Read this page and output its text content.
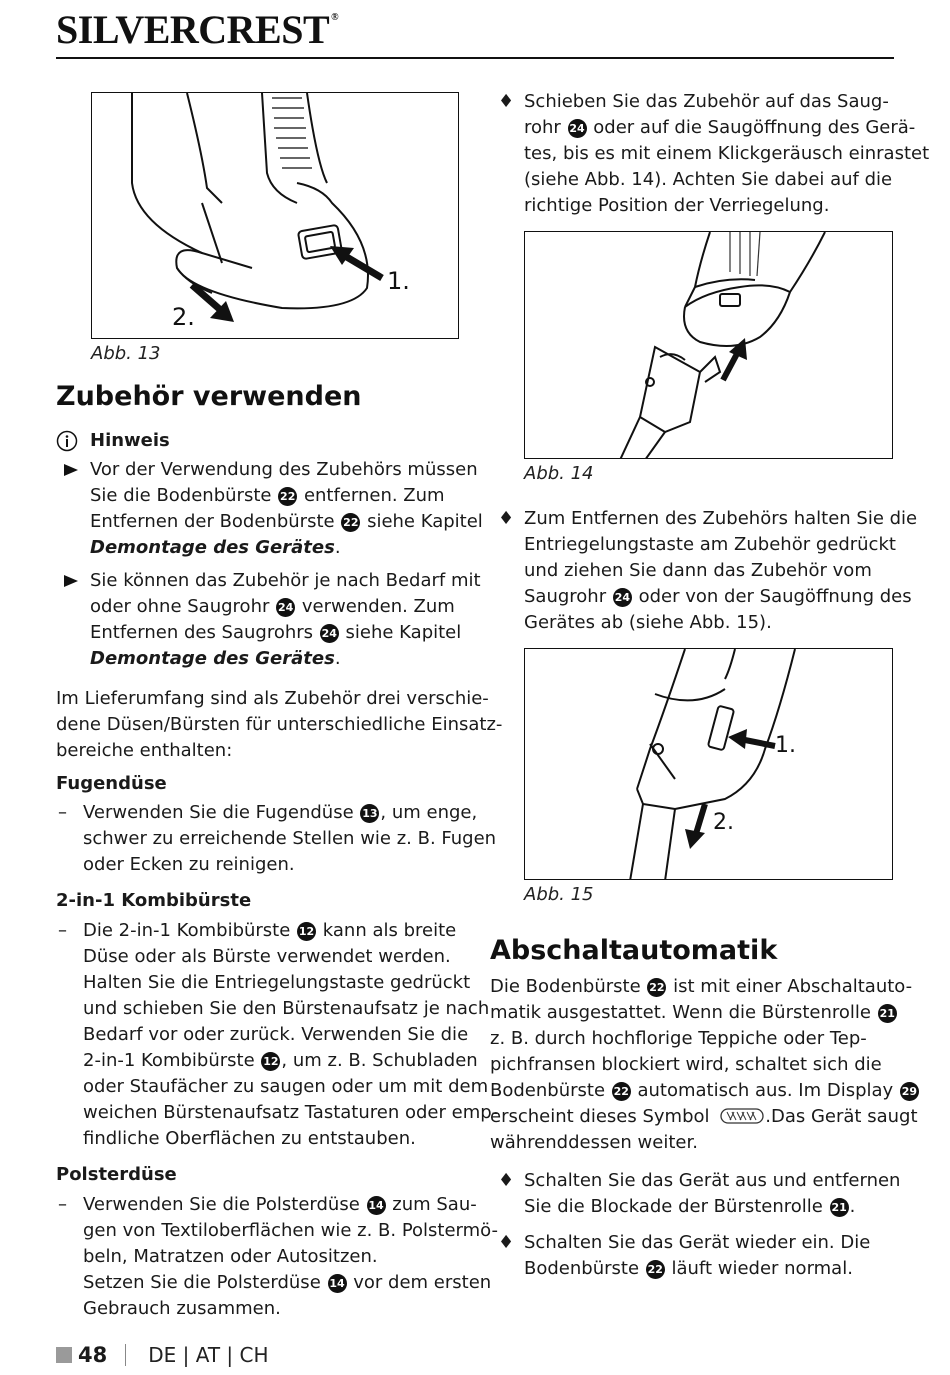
SILVERCREST ®
1.
2.
Abb. 13
Zubehör verwenden
Hinweis

Vor der Verwendung des Zubehörs müssen
Sie die Bodenbürste 22 entfernen. Zum
Entfernen der Bodenbürste 22 siehe Kapitel
Demontage des Gerätes.

Sie können das Zubehör je nach Bedarf mit
oder ohne Saugrohr 24 verwenden. Zum
Entfernen des Saugrohrs 24 siehe Kapitel
Demontage des Gerätes.

Im Lieferumfang sind als Zubehör drei verschie-
dene Düsen/Bürsten für unterschiedliche Einsatz-
bereiche enthalten:

Fugendüse

– Verwenden Sie die Fugendüse 13 , um enge,
schwer zu erreichende Stellen wie z. B. Fugen
oder Ecken zu reinigen.

2-in-1 Kombibürste

– Die 2-in-1 Kombibürste 12 kann als breite
Düse oder als Bürste verwendet werden.
Halten Sie die Entriegelungstaste gedrückt
und schieben Sie den Bürstenaufsatz je nach
Bedarf vor oder zurück. Verwenden Sie die
2-in-1 Kombibürste 12 , um z. B. Schubladen
oder Staufächer zu saugen oder um mit dem
weichen Bürstenaufsatz Tastaturen oder emp-
findliche Oberflächen zu entstauben.

Polsterdüse

– Verwenden Sie die Polsterdüse 14 zum Sau-
gen von Textiloberflächen wie z. B. Polstermö-
beln, Matratzen oder Autositzen.
Setzen Sie die Polsterdüse 14 vor dem ersten
Gebrauch zusammen.

♦ Schieben Sie das Zubehör auf das Saug-
rohr 24 oder auf die Saugöffnung des Gerä-
tes, bis es mit einem Klickgeräusch einrastet
(siehe Abb. 14). Achten Sie dabei auf die
richtige Position der Verriegelung.

Abb. 14

♦ Zum Entfernen des Zubehörs halten Sie die
Entriegelungstaste am Zubehör gedrückt
und ziehen Sie dann das Zubehör vom
Saugrohr 24 oder von der Saugöffnung des
Gerätes ab (siehe Abb. 15).

1.
2.
Abb. 15
Abschaltautomatik

Die Bodenbürste 22 ist mit einer Abschaltauto-
matik ausgestattet. Wenn die Bürstenrolle 21
z. B. durch hochflorige Teppiche oder Tep-
pichfransen blockiert wird, schaltet sich die
Bodenbürste 22 automatisch aus. Im Display 29
erscheint dieses Symbol	.Das Gerät saugt
währenddessen weiter.

♦ Schalten Sie das Gerät aus und entfernen
Sie die Blockade der Bürstenrolle 21 .

♦ Schalten Sie das Gerät wieder ein. Die
Bodenbürste 22 läuft wieder normal.

48 DE | AT | CH
